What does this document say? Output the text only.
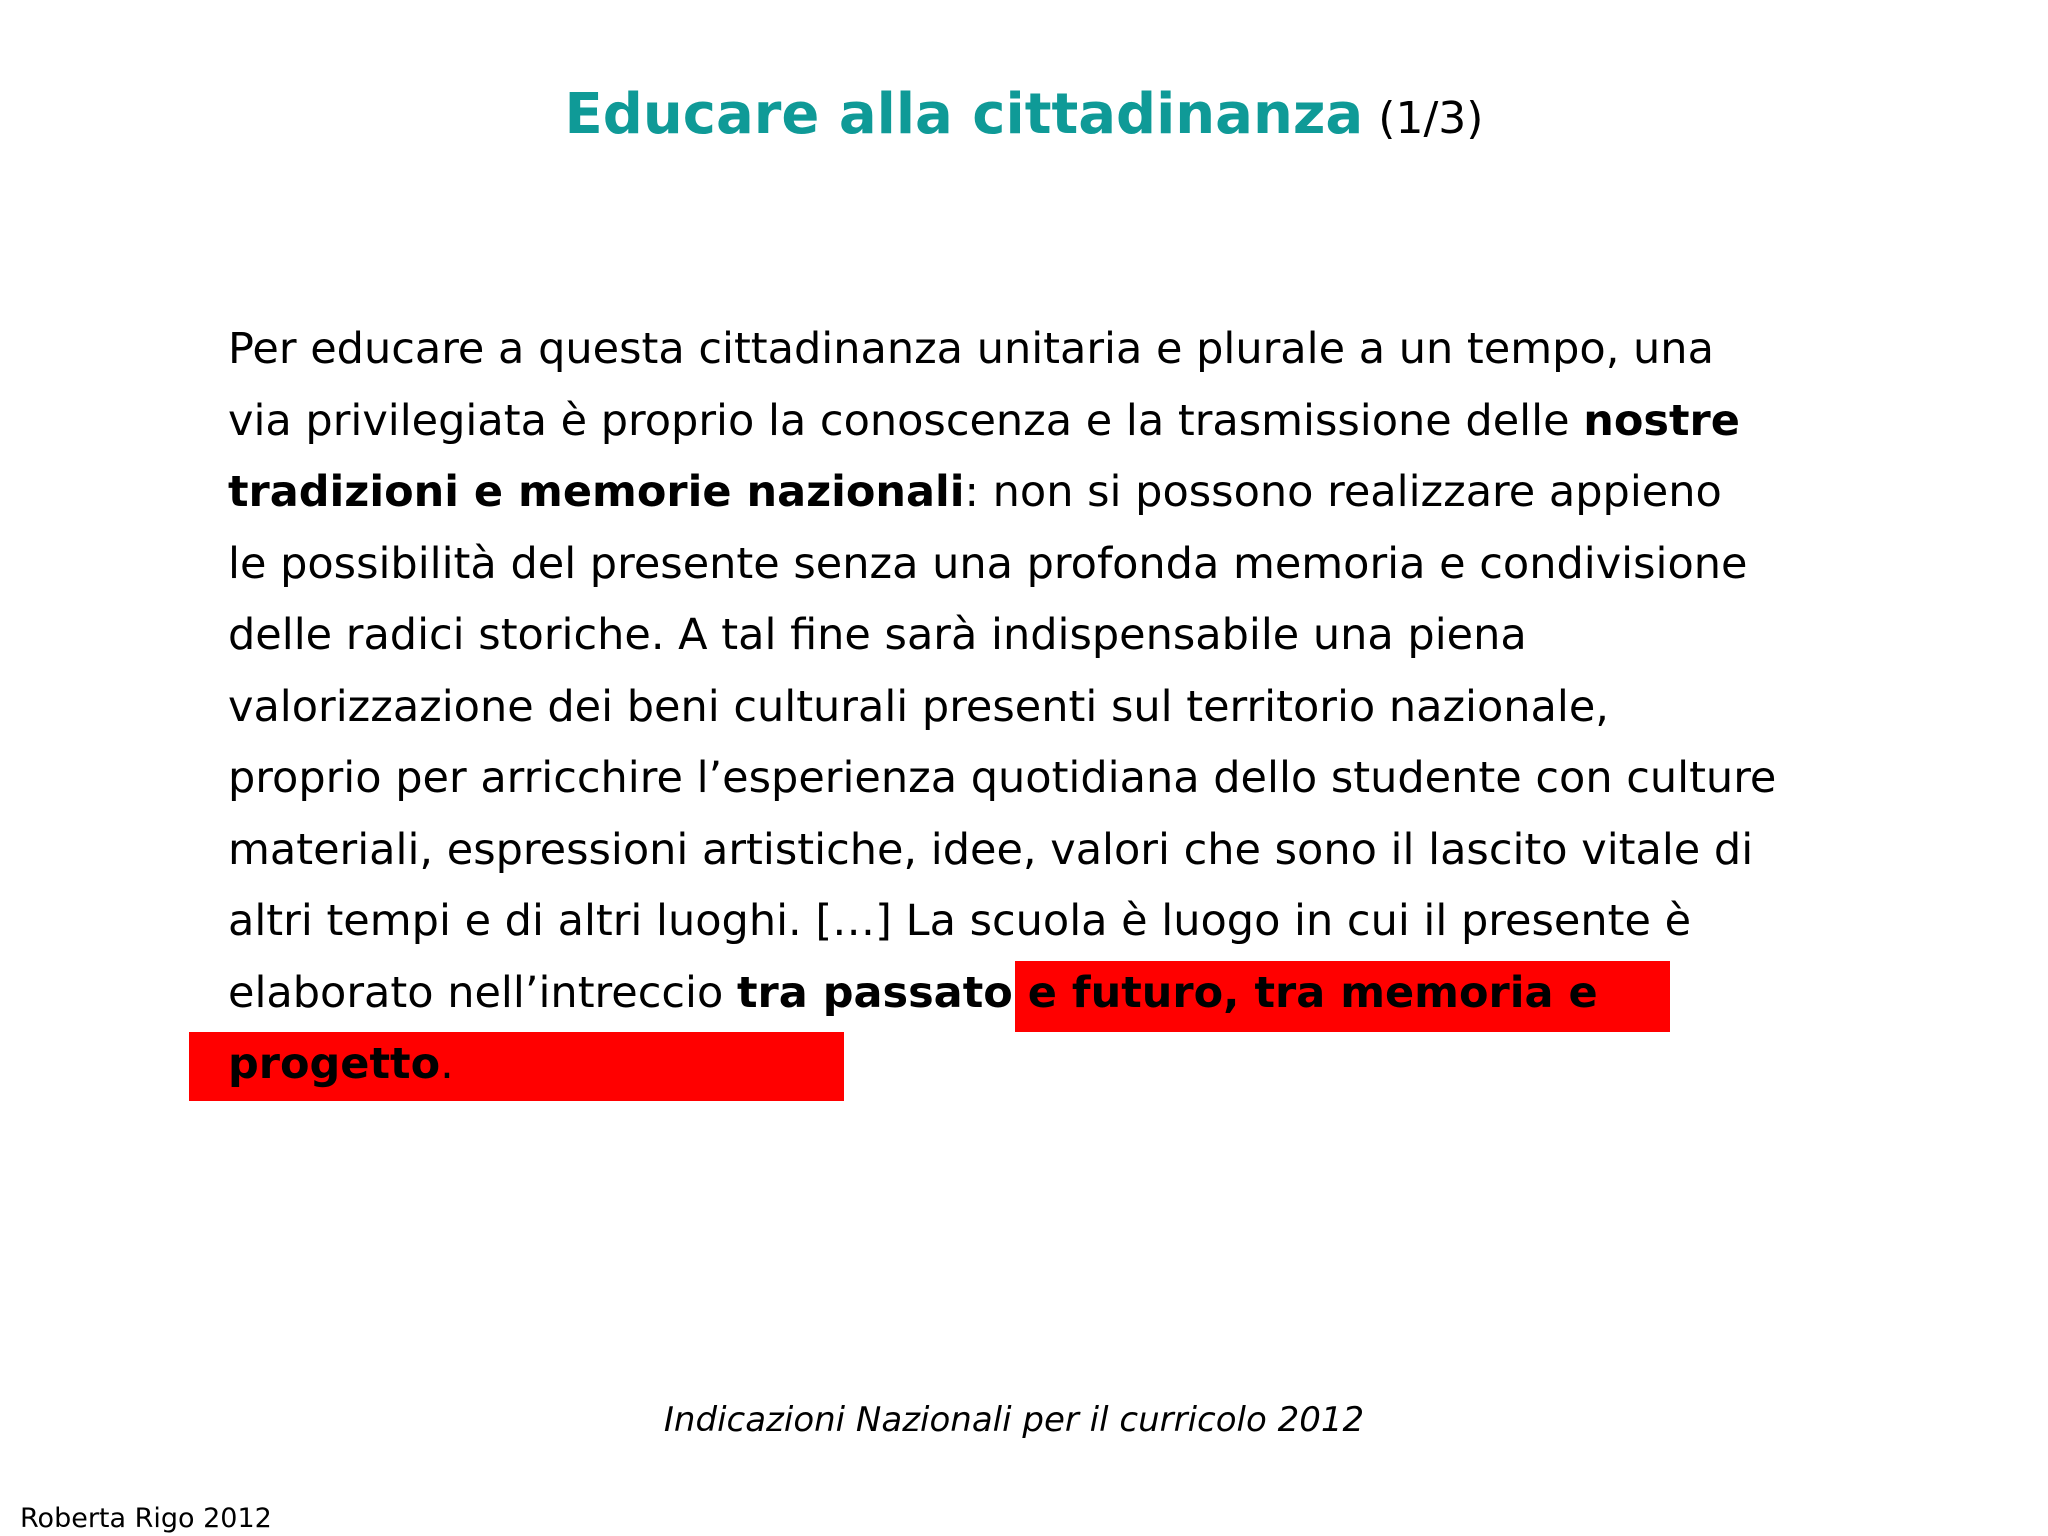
Educare alla cittadinanza (1/3)
Per educare a questa cittadinanza unitaria e plurale a un tempo, una
via privilegiata è proprio la conoscenza e la trasmissione delle nostre
tradizioni e memorie nazionali: non si possono realizzare appieno
le possibilità del presente senza una profonda memoria e condivisione
delle radici storiche. A tal fine sarà indispensabile una piena
valorizzazione dei beni culturali presenti sul territorio nazionale,
proprio per arricchire l’esperienza quotidiana dello studente con culture
materiali, espressioni artistiche, idee, valori che sono il lascito vitale di
altri tempi e di altri luoghi. […] La scuola è luogo in cui il presente è
elaborato nell’intreccio tra passato e futuro, tra memoria e
progetto.
Indicazioni Nazionali per il curricolo 2012
Roberta Rigo 2012
